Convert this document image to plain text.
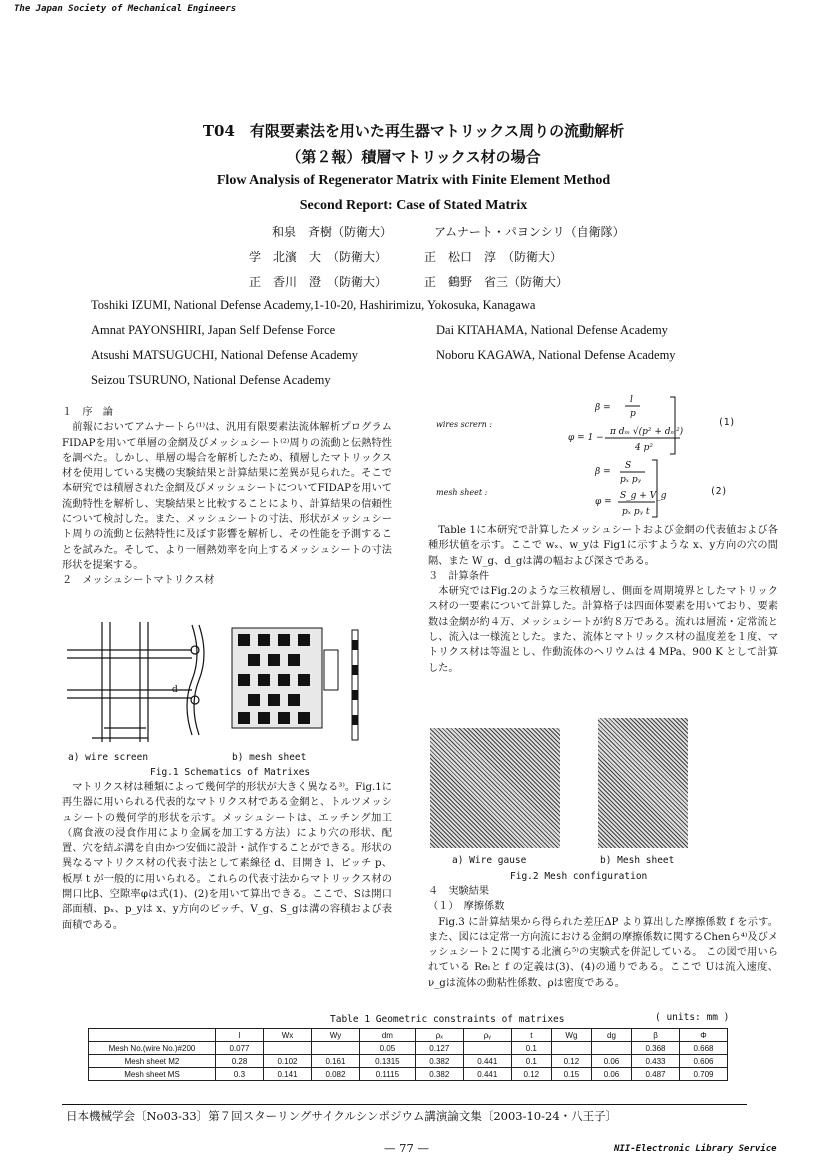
The Japan Society of Mechanical Engineers
T04　有限要素法を用いた再生器マトリックス周りの流動解析
（第２報）積層マトリックス材の場合
Flow Analysis of Regenerator Matrix with Finite Element Method
Second Report: Case of Stated Matrix
和泉　斉樹（防衛大）	アムナート・パヨンシリ（自衛隊）
学　北濱　大　（防衛大）	正　松口　淳　（防衛大）
正　香川　澄　（防衛大）	正　鶴野　省三（防衛大）
Toshiki IZUMI, National Defense Academy,1-10-20, Hashirimizu, Yokosuka, Kanagawa
Amnat PAYONSHIRI, Japan Self Defense Force	Dai KITAHAMA, National Defense Academy
Atsushi MATSUGUCHI, National Defense Academy	Noboru KAGAWA, National Defense Academy
Seizou TSURUNO, National Defense Academy

１　序　論

前報においてアムナートら⁽¹⁾は、汎用有限要素法流体解析プログラムFIDAPを用いて単層の金網及びメッシュシート⁽²⁾周りの流動と伝熱特性を調べた。しかし、単層の場合を解析したため、積層したマトリックス材を使用している実機の実験結果と計算結果に差異が見られた。そこで本研究では積層された金網及びメッシュシートについてFIDAPを用いて流動特性を解析し、実験結果と比較することにより、計算結果の信頼性について検討した。また、メッシュシートの寸法、形状がメッシュシート周りの流動と伝熱特性に及ぼす影響を解析し、その性能を予測することを試みた。そして、より一層熱効率を向上するメッシュシートの寸法形状を提案する。

２　メッシュシートマトリクス材

d
a) wire screen	b) mesh sheet
Fig.1 Schematics of Matrixes

マトリクス材は種類によって幾何学的形状が大きく異なる³⁾。Fig.1に再生器に用いられる代表的なマトリクス材である金網と、トルツメッシュシートの幾何学的形状を示す。メッシュシートは、エッチング加工（腐食液の浸食作用により金属を加工する方法）により穴の形状、配置、穴を結ぶ溝を自由かつ安価に設計・試作することができる。形状の異なるマトリクス材の代表寸法として素線径 d、目開き l、ピッチ p、板厚 t が一般的に用いられる。これらの代表寸法からマトリックス材の開口比β、空隙率φは式(1)、(2)を用いて算出できる。ここで、Sは開口部面積、pₓ、p_yは x、y方向のピッチ、V_g、S_gは溝の容積および表面積である。

β =
l
p
φ = 1 −
π dₘ √(p² + dₘ²)
4 p²
β =
S
pₓ pᵧ
φ =
S_g + V_g
pₓ pᵧ t
wires scrern :
mesh sheet :
(1)
(2)

Table 1に本研究で計算したメッシュシートおよび金網の代表値および各種形状値を示す。ここで wₓ、w_yは Fig1に示すような x、y方向の穴の間隔、また W_g、d_gは溝の幅および深さである。

３　計算条件

本研究ではFig.2のような三枚積層し、側面を周期境界としたマトリックス材の一要素について計算した。計算格子は四面体要素を用いており、要素数は金網が約４万、メッシュシートが約８万である。流れは層流・定常流とし、流入は一様流とした。また、流体とマトリックス材の温度差を１度、マトリクス材は等温とし、作動流体のヘリウムは 4 MPa、900 K として計算した。

a) Wire gause	b) Mesh sheet
Fig.2 Mesh configuration

４　実験結果

（１）　摩擦係数

Fig.3 に計算結果から得られた差圧ΔP より算出した摩擦係数 f を示す。また、図には定常一方向流における金網の摩擦係数に関するChenら⁴⁾及びメッシュシート２に関する北濱ら⁵⁾の実験式を併記している。 この図で用いられている Reₗと f の定義は(3)、(4)の通りである。ここで Uは流入速度、ν_gは流体の動粘性係数、ρは密度である。

Table 1 Geometric constraints of matrixes	( units: mm )
	l	Wx	Wy	dm	ρₓ	ρᵧ	t	Wg	dg	β	Φ
Mesh No.(wire No.)#200	0.077			0.05	0.127		0.1			0.368	0.668
Mesh sheet M2	0.28	0.102	0.161	0.1315	0.382	0.441	0.1	0.12	0.06	0.433	0.606
Mesh sheet MS	0.3	0.141	0.082	0.1115	0.382	0.441	0.12	0.15	0.06	0.487	0.709
日本機械学会〔No03-33〕第７回スターリングサイクルシンポジウム講演論文集〔2003-10-24・八王子〕
— 77 —	NII-Electronic Library Service
